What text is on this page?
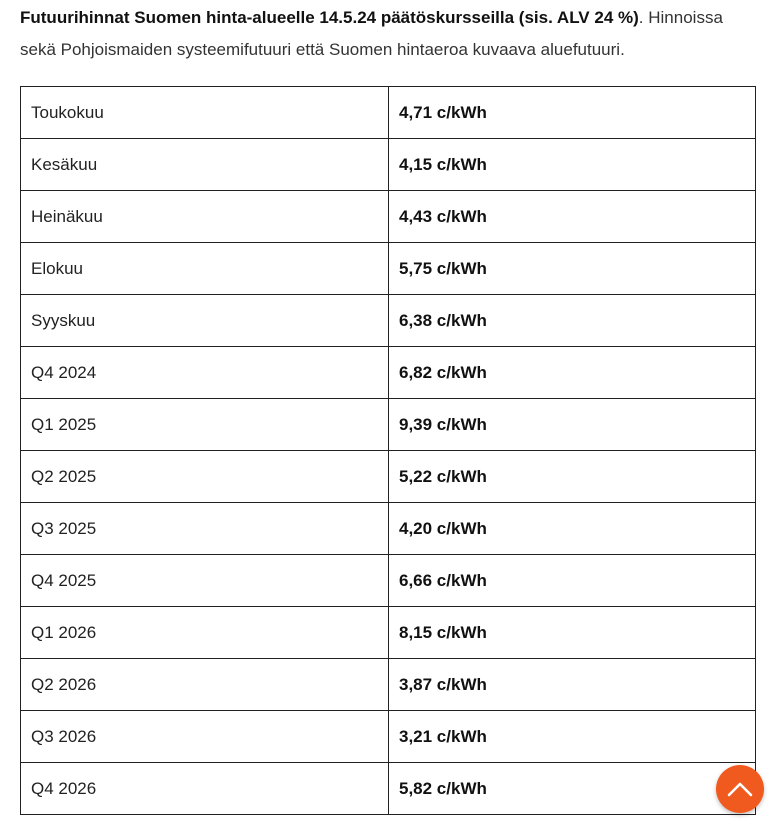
Futuurihinnat Suomen hinta-alueelle 14.5.24 päätöskursseilla (sis. ALV 24 %). Hinnoissa sekä Pohjoismaiden systeemifutuuri että Suomen hintaeroa kuvaava aluefutuuri.

Toukokuu	4,71 c/kWh
Kesäkuu	4,15 c/kWh
Heinäkuu	4,43 c/kWh
Elokuu	5,75 c/kWh
Syyskuu	6,38 c/kWh
Q4 2024	6,82 c/kWh
Q1 2025	9,39 c/kWh
Q2 2025	5,22 c/kWh
Q3 2025	4,20 c/kWh
Q4 2025	6,66 c/kWh
Q1 2026	8,15 c/kWh
Q2 2026	3,87 c/kWh
Q3 2026	3,21 c/kWh
Q4 2026	5,82 c/kWh
